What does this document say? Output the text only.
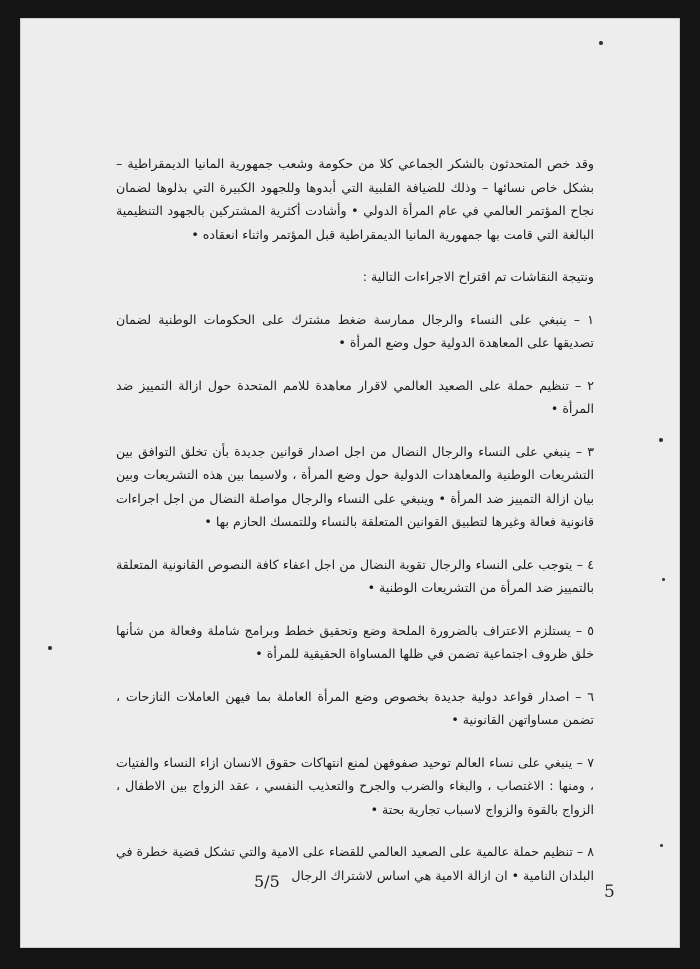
وقد خص المتحدثون بالشكر الجماعي كلا من حكومة وشعب جمهورية المانيا الديمقراطية – بشكل خاص نسائها – وذلك للضيافة القلبية التي أبدوها وللجهود الكبيرة التي بذلوها لضمان نجاح المؤتمر العالمي في عام المرأة الدولي • وأشادت أكثرية المشتركين بالجهود التنظيمية البالغة التي قامت بها جمهورية المانيا الديمقراطية قبل المؤتمر واثناء انعقاده •

ونتيجة النقاشات تم اقتراح الاجراءات التالية :

١ – ينبغي على النساء والرجال ممارسة ضغط مشترك على الحكومات الوطنية لضمان تصديقها على المعاهدة الدولية حول وضع المرأة •

٢ – تنظيم حملة على الصعيد العالمي لاقرار معاهدة للامم المتحدة حول ازالة التمييز ضد المرأة •

٣ – ينبغي على النساء والرجال النضال من اجل اصدار قوانين جديدة بأن تخلق التوافق بين التشريعات الوطنية والمعاهدات الدولية حول وضع المرأة ، ولاسيما بين هذه التشريعات وبين بيان ازالة التمييز ضد المرأة • وينبغي على النساء والرجال مواصلة النضال من اجل اجراءات قانونية فعالة وغيرها لتطبيق القوانين المتعلقة بالنساء وللتمسك الحازم بها •

٤ – يتوجب على النساء والرجال تقوية النضال من اجل اعفاء كافة النصوص القانونية المتعلقة بالتمييز ضد المرأة من التشريعات الوطنية •

٥ – يستلزم الاعتراف بالضرورة الملحة وضع وتحقيق خطط وبرامج شاملة وفعالة من شأنها خلق ظروف اجتماعية تضمن في ظلها المساواة الحقيقية للمرأة •

٦ – اصدار قواعد دولية جديدة بخصوص وضع المرأة العاملة بما فيهن العاملات النازحات ، تضمن مساواتهن القانونية •

٧ – ينبغي على نساء العالم توحيد صفوفهن لمنع انتهاكات حقوق الانسان ازاء النساء والفتيات ، ومنها : الاغتصاب ، والبغاء والضرب والجرح والتعذيب النفسي ، عقد الزواج بين الاطفال ، الزواج بالقوة والزواج لاسباب تجارية بحتة •

٨ – تنظيم حملة عالمية على الصعيد العالمي للقضاء على الامية والتي تشكل قضية خطرة في البلدان النامية • ان ازالة الامية هي اساس لاشتراك الرجال

5/5
5
